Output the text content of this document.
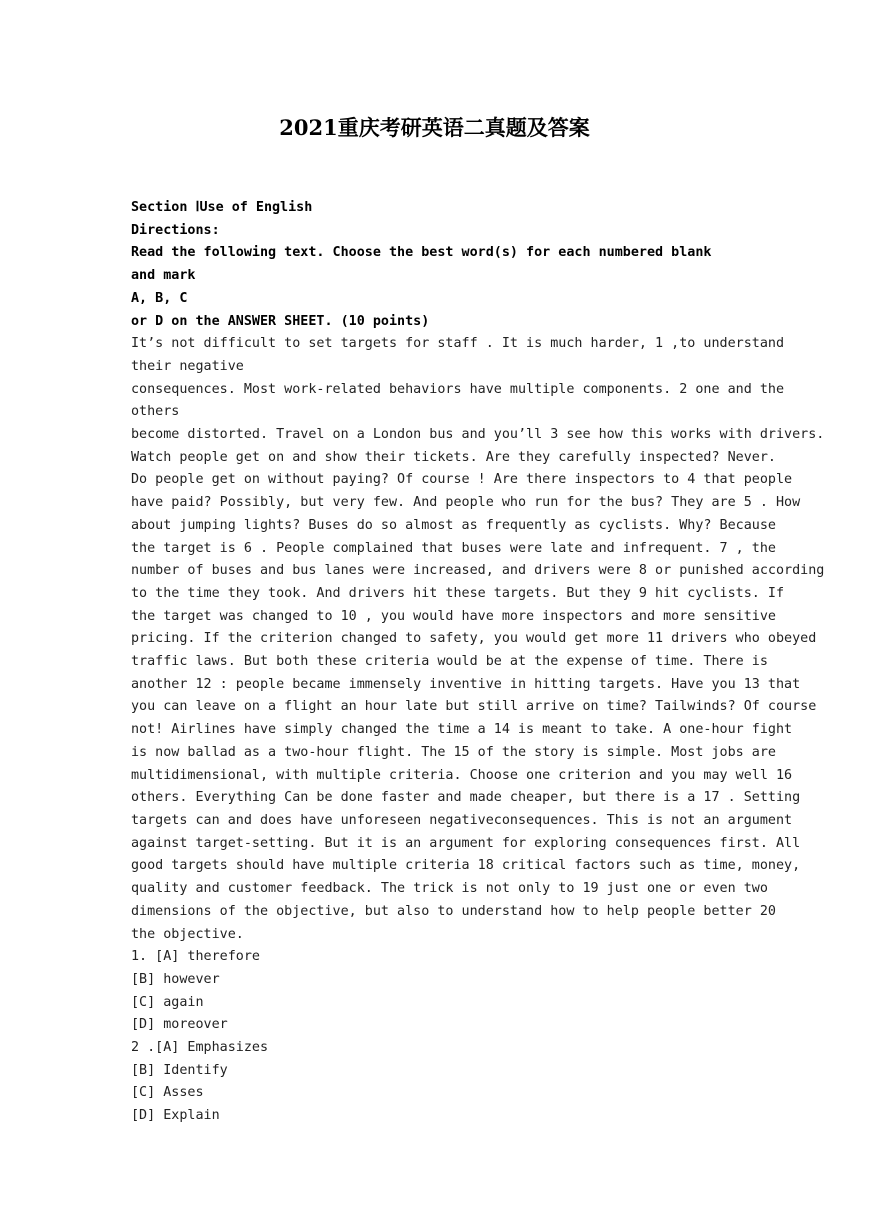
2021重庆考研英语二真题及答案

Section ⅠUse of English

Directions:

Read the following text. Choose the best word(s) for each numbered blank and mark

A, B, C

or D on the ANSWER SHEET. (10 points)

It’s not difficult to set targets for staff . It is much harder, 1 ,to understand
their negative
consequences. Most work-related behaviors have multiple components. 2 one and the
others
become distorted. Travel on a London bus and you’ll 3 see how this works with drivers.
Watch people get on and show their tickets. Are they carefully inspected? Never.
Do people get on without paying? Of course ! Are there inspectors to 4 that people
have paid? Possibly, but very few. And people who run for the bus? They are 5 . How
about jumping lights? Buses do so almost as frequently as cyclists. Why? Because
the target is 6 . People complained that buses were late and infrequent. 7 , the
number of buses and bus lanes were increased, and drivers were 8 or punished according
to the time they took. And drivers hit these targets. But they 9 hit cyclists. If
the target was changed to 10 , you would have more inspectors and more sensitive
pricing. If the criterion changed to safety, you would get more 11 drivers who obeyed
traffic laws. But both these criteria would be at the expense of time. There is
another 12 : people became immensely inventive in hitting targets. Have you 13 that
you can leave on a flight an hour late but still arrive on time? Tailwinds? Of course
not! Airlines have simply changed the time a 14 is meant to take. A one-hour fight
is now ballad as a two-hour flight. The 15 of the story is simple. Most jobs are
multidimensional, with multiple criteria. Choose one criterion and you may well 16
others. Everything Can be done faster and made cheaper, but there is a 17 . Setting
targets can and does have unforeseen negativeconsequences. This is not an argument
against target-setting. But it is an argument for exploring consequences first. All
good targets should have multiple criteria 18 critical factors such as time, money,
quality and customer feedback. The trick is not only to 19 just one or even two
dimensions of the objective, but also to understand how to help people better 20
the objective.
1. [A] therefore
[B] however
[C] again
[D] moreover
2 .[A] Emphasizes
[B] Identify
[C] Asses
[D] Explain
